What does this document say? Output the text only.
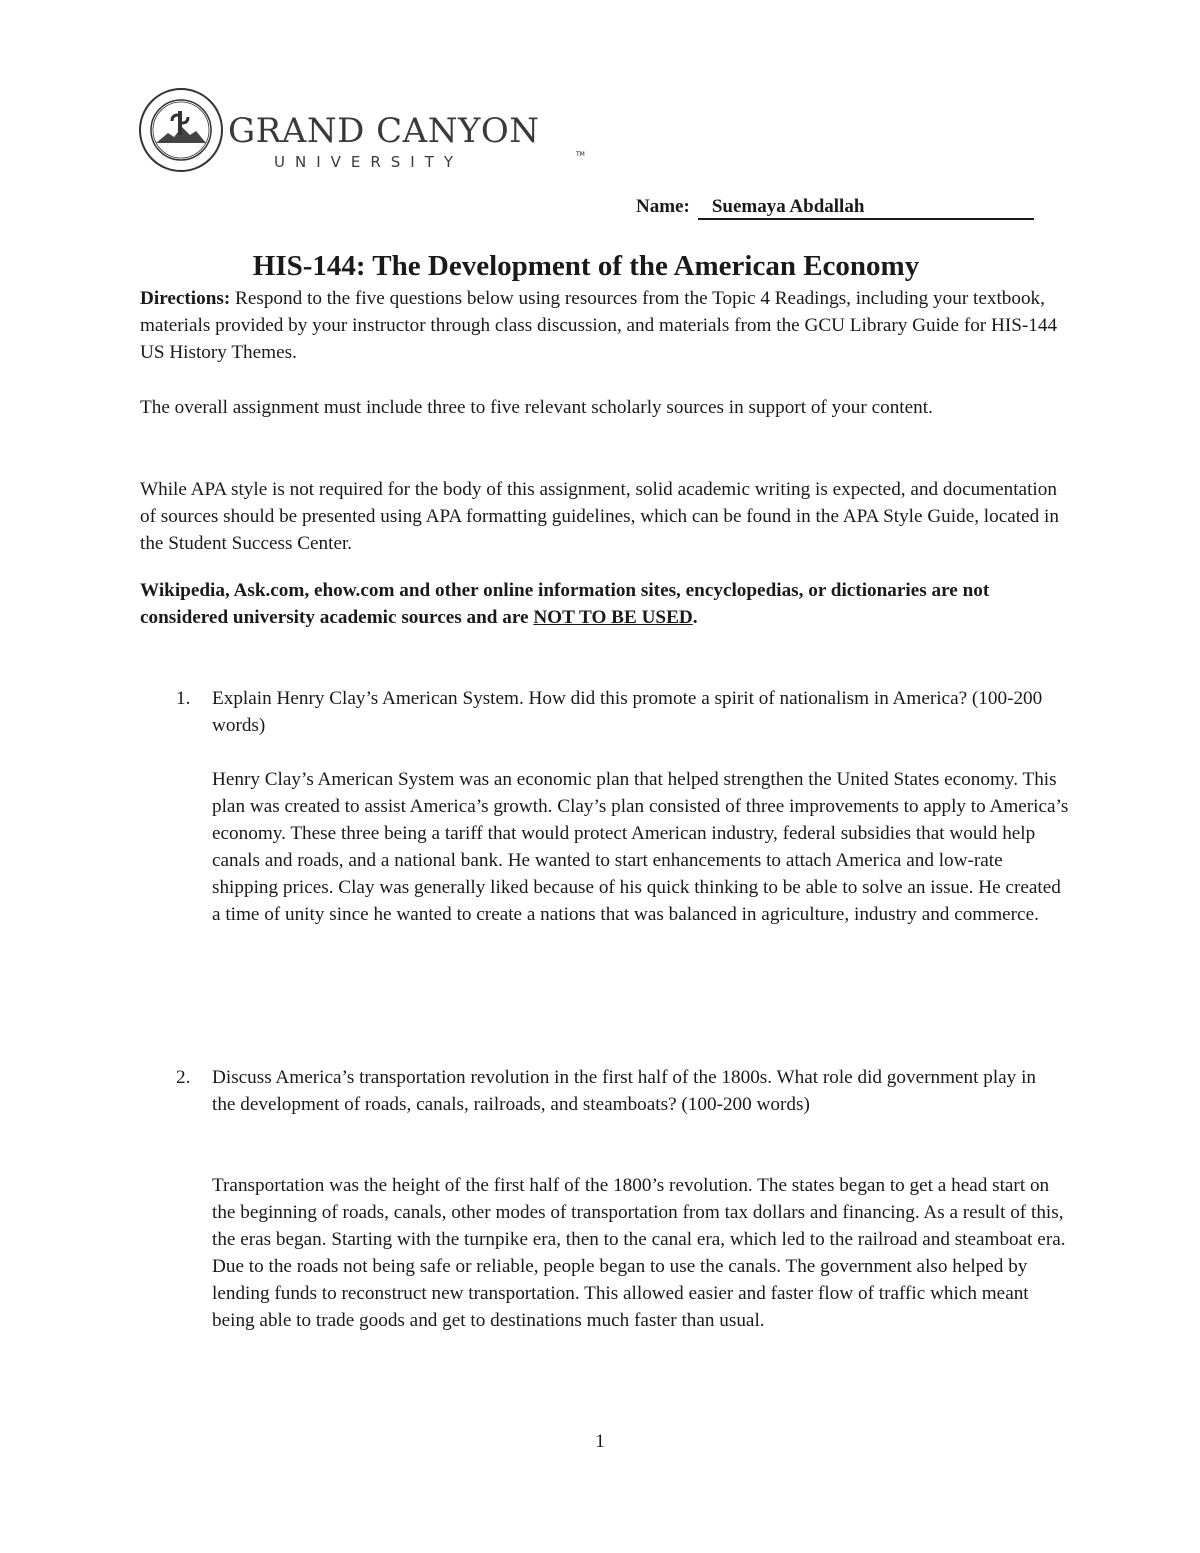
GRAND CANYON
UNIVERSITY	TM
Name: Suemaya Abdallah
HIS-144: The Development of the American Economy
Directions: Respond to the five questions below using resources from the Topic 4 Readings, including your textbook, materials provided by your instructor through class discussion, and materials from the GCU Library Guide for HIS-144 US History Themes.
The overall assignment must include three to five relevant scholarly sources in support of your content.
While APA style is not required for the body of this assignment, solid academic writing is expected, and documentation of sources should be presented using APA formatting guidelines, which can be found in the APA Style Guide, located in the Student Success Center.
Wikipedia, Ask.com, ehow.com and other online information sites, encyclopedias, or dictionaries are not considered university academic sources and are NOT TO BE USED.
1. Explain Henry Clay’s American System. How did this promote a spirit of nationalism in America? (100-200 words)
Henry Clay’s American System was an economic plan that helped strengthen the United States economy. This plan was created to assist America’s growth. Clay’s plan consisted of three improvements to apply to America’s economy. These three being a tariff that would protect American industry, federal subsidies that would help canals and roads, and a national bank. He wanted to start enhancements to attach America and low-rate shipping prices. Clay was generally liked because of his quick thinking to be able to solve an issue. He created a time of unity since he wanted to create a nations that was balanced in agriculture, industry and commerce.
2. Discuss America’s transportation revolution in the first half of the 1800s. What role did government play in the development of roads, canals, railroads, and steamboats? (100-200 words)
Transportation was the height of the first half of the 1800’s revolution. The states began to get a head start on the beginning of roads, canals, other modes of transportation from tax dollars and financing. As a result of this, the eras began. Starting with the turnpike era, then to the canal era, which led to the railroad and steamboat era. Due to the roads not being safe or reliable, people began to use the canals. The government also helped by lending funds to reconstruct new transportation. This allowed easier and faster flow of traffic which meant being able to trade goods and get to destinations much faster than usual.
1
